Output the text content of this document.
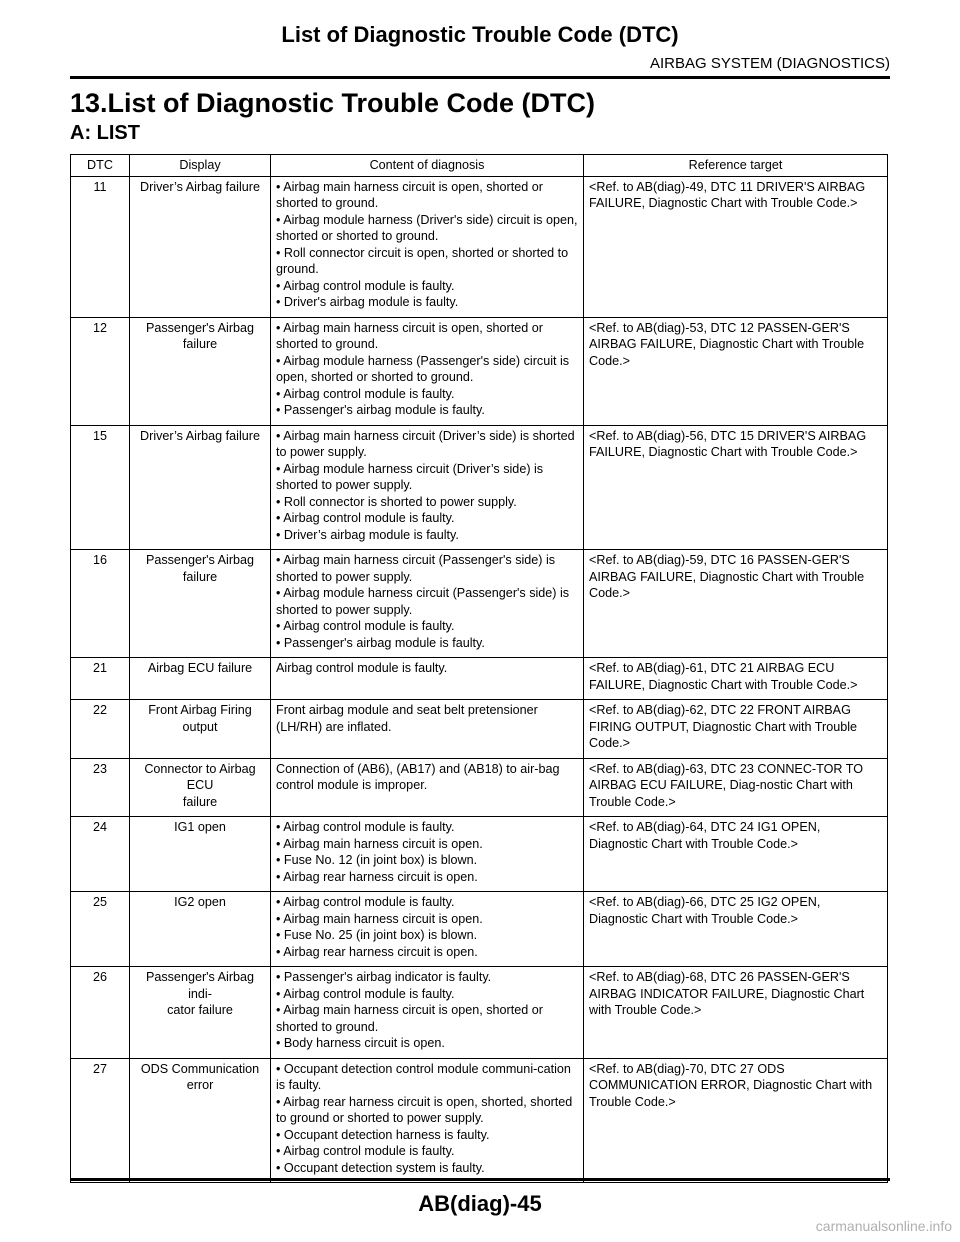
List of Diagnostic Trouble Code (DTC)
AIRBAG SYSTEM (DIAGNOSTICS)
13.List of Diagnostic Trouble Code (DTC)
A: LIST
DTC	Display	Content of diagnosis	Reference target
11	Driver’s Airbag failure	• Airbag main harness circuit is open, shorted or shorted to ground.
• Airbag module harness (Driver's side) circuit is open, shorted or shorted to ground.
• Roll connector circuit is open, shorted or shorted to ground.
• Airbag control module is faulty.
• Driver's airbag module is faulty.	<Ref. to AB(diag)-49, DTC 11 DRIVER'S AIRBAG FAILURE, Diagnostic Chart with Trouble Code.>
12	Passenger's Airbag failure	• Airbag main harness circuit is open, shorted or shorted to ground.
• Airbag module harness (Passenger's side) circuit is open, shorted or shorted to ground.
• Airbag control module is faulty.
• Passenger's airbag module is faulty.	<Ref. to AB(diag)-53, DTC 12 PASSEN-GER'S AIRBAG FAILURE, Diagnostic Chart with Trouble Code.>
15	Driver’s Airbag failure	• Airbag main harness circuit (Driver’s side) is shorted to power supply.
• Airbag module harness circuit (Driver’s side) is shorted to power supply.
• Roll connector is shorted to power supply.
• Airbag control module is faulty.
• Driver’s airbag module is faulty.	<Ref. to AB(diag)-56, DTC 15 DRIVER'S AIRBAG FAILURE, Diagnostic Chart with Trouble Code.>
16	Passenger's Airbag failure	• Airbag main harness circuit (Passenger's side) is shorted to power supply.
• Airbag module harness circuit (Passenger's side) is shorted to power supply.
• Airbag control module is faulty.
• Passenger's airbag module is faulty.	<Ref. to AB(diag)-59, DTC 16 PASSEN-GER'S AIRBAG FAILURE, Diagnostic Chart with Trouble Code.>
21	Airbag ECU failure	Airbag control module is faulty.	<Ref. to AB(diag)-61, DTC 21 AIRBAG ECU FAILURE, Diagnostic Chart with Trouble Code.>
22	Front Airbag Firing output	Front airbag module and seat belt pretensioner (LH/RH) are inflated.	<Ref. to AB(diag)-62, DTC 22 FRONT AIRBAG FIRING OUTPUT, Diagnostic Chart with Trouble Code.>
23	Connector to Airbag ECU
failure	Connection of (AB6), (AB17) and (AB18) to air-bag control module is improper.	<Ref. to AB(diag)-63, DTC 23 CONNEC-TOR TO AIRBAG ECU FAILURE, Diag-nostic Chart with Trouble Code.>
24	IG1 open	• Airbag control module is faulty.
• Airbag main harness circuit is open.
• Fuse No. 12 (in joint box) is blown.
• Airbag rear harness circuit is open.	<Ref. to AB(diag)-64, DTC 24 IG1 OPEN, Diagnostic Chart with Trouble Code.>
25	IG2 open	• Airbag control module is faulty.
• Airbag main harness circuit is open.
• Fuse No. 25 (in joint box) is blown.
• Airbag rear harness circuit is open.	<Ref. to AB(diag)-66, DTC 25 IG2 OPEN, Diagnostic Chart with Trouble Code.>
26	Passenger's Airbag indi-
cator failure	• Passenger's airbag indicator is faulty.
• Airbag control module is faulty.
• Airbag main harness circuit is open, shorted or shorted to ground.
• Body harness circuit is open.	<Ref. to AB(diag)-68, DTC 26 PASSEN-GER'S AIRBAG INDICATOR FAILURE, Diagnostic Chart with Trouble Code.>
27	ODS Communication error	• Occupant detection control module communi-cation is faulty.
• Airbag rear harness circuit is open, shorted, shorted to ground or shorted to power supply.
• Occupant detection harness is faulty.
• Airbag control module is faulty.
• Occupant detection system is faulty.	<Ref. to AB(diag)-70, DTC 27 ODS COMMUNICATION ERROR, Diagnostic Chart with Trouble Code.>
AB(diag)-45
carmanualsonline.info
